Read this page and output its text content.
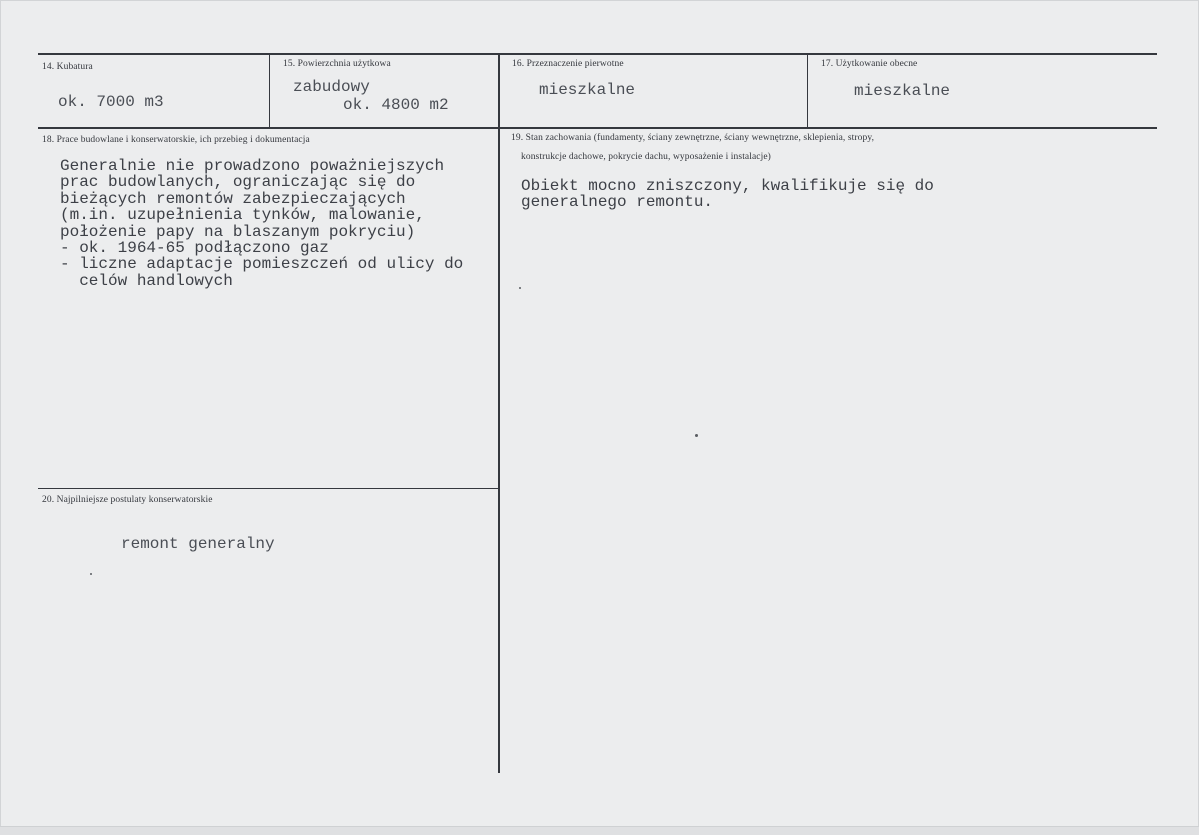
14. Kubatura
ok. 7000 m3
15. Powierzchnia użytkowa
zabudowy
ok. 4800 m2
16. Przeznaczenie pierwotne
mieszkalne
17. Użytkowanie obecne
mieszkalne
18. Prace budowlane i konserwatorskie, ich przebieg i dokumentacja
Generalnie nie prowadzono poważniejszych
prac budowlanych, ograniczając się do
bieżących remontów zabezpieczających
(m.in. uzupełnienia tynków, malowanie,
położenie papy na blaszanym pokryciu)
- ok. 1964-65 podłączono gaz
- liczne adaptacje pomieszczeń od ulicy do
celów handlowych
19. Stan zachowania (fundamenty, ściany zewnętrzne, ściany wewnętrzne, sklepienia, stropy,
konstrukcje dachowe, pokrycie dachu, wyposażenie i instalacje)
Obiekt mocno zniszczony, kwalifikuje się do
generalnego remontu.
20. Najpilniejsze postulaty konserwatorskie
remont generalny
